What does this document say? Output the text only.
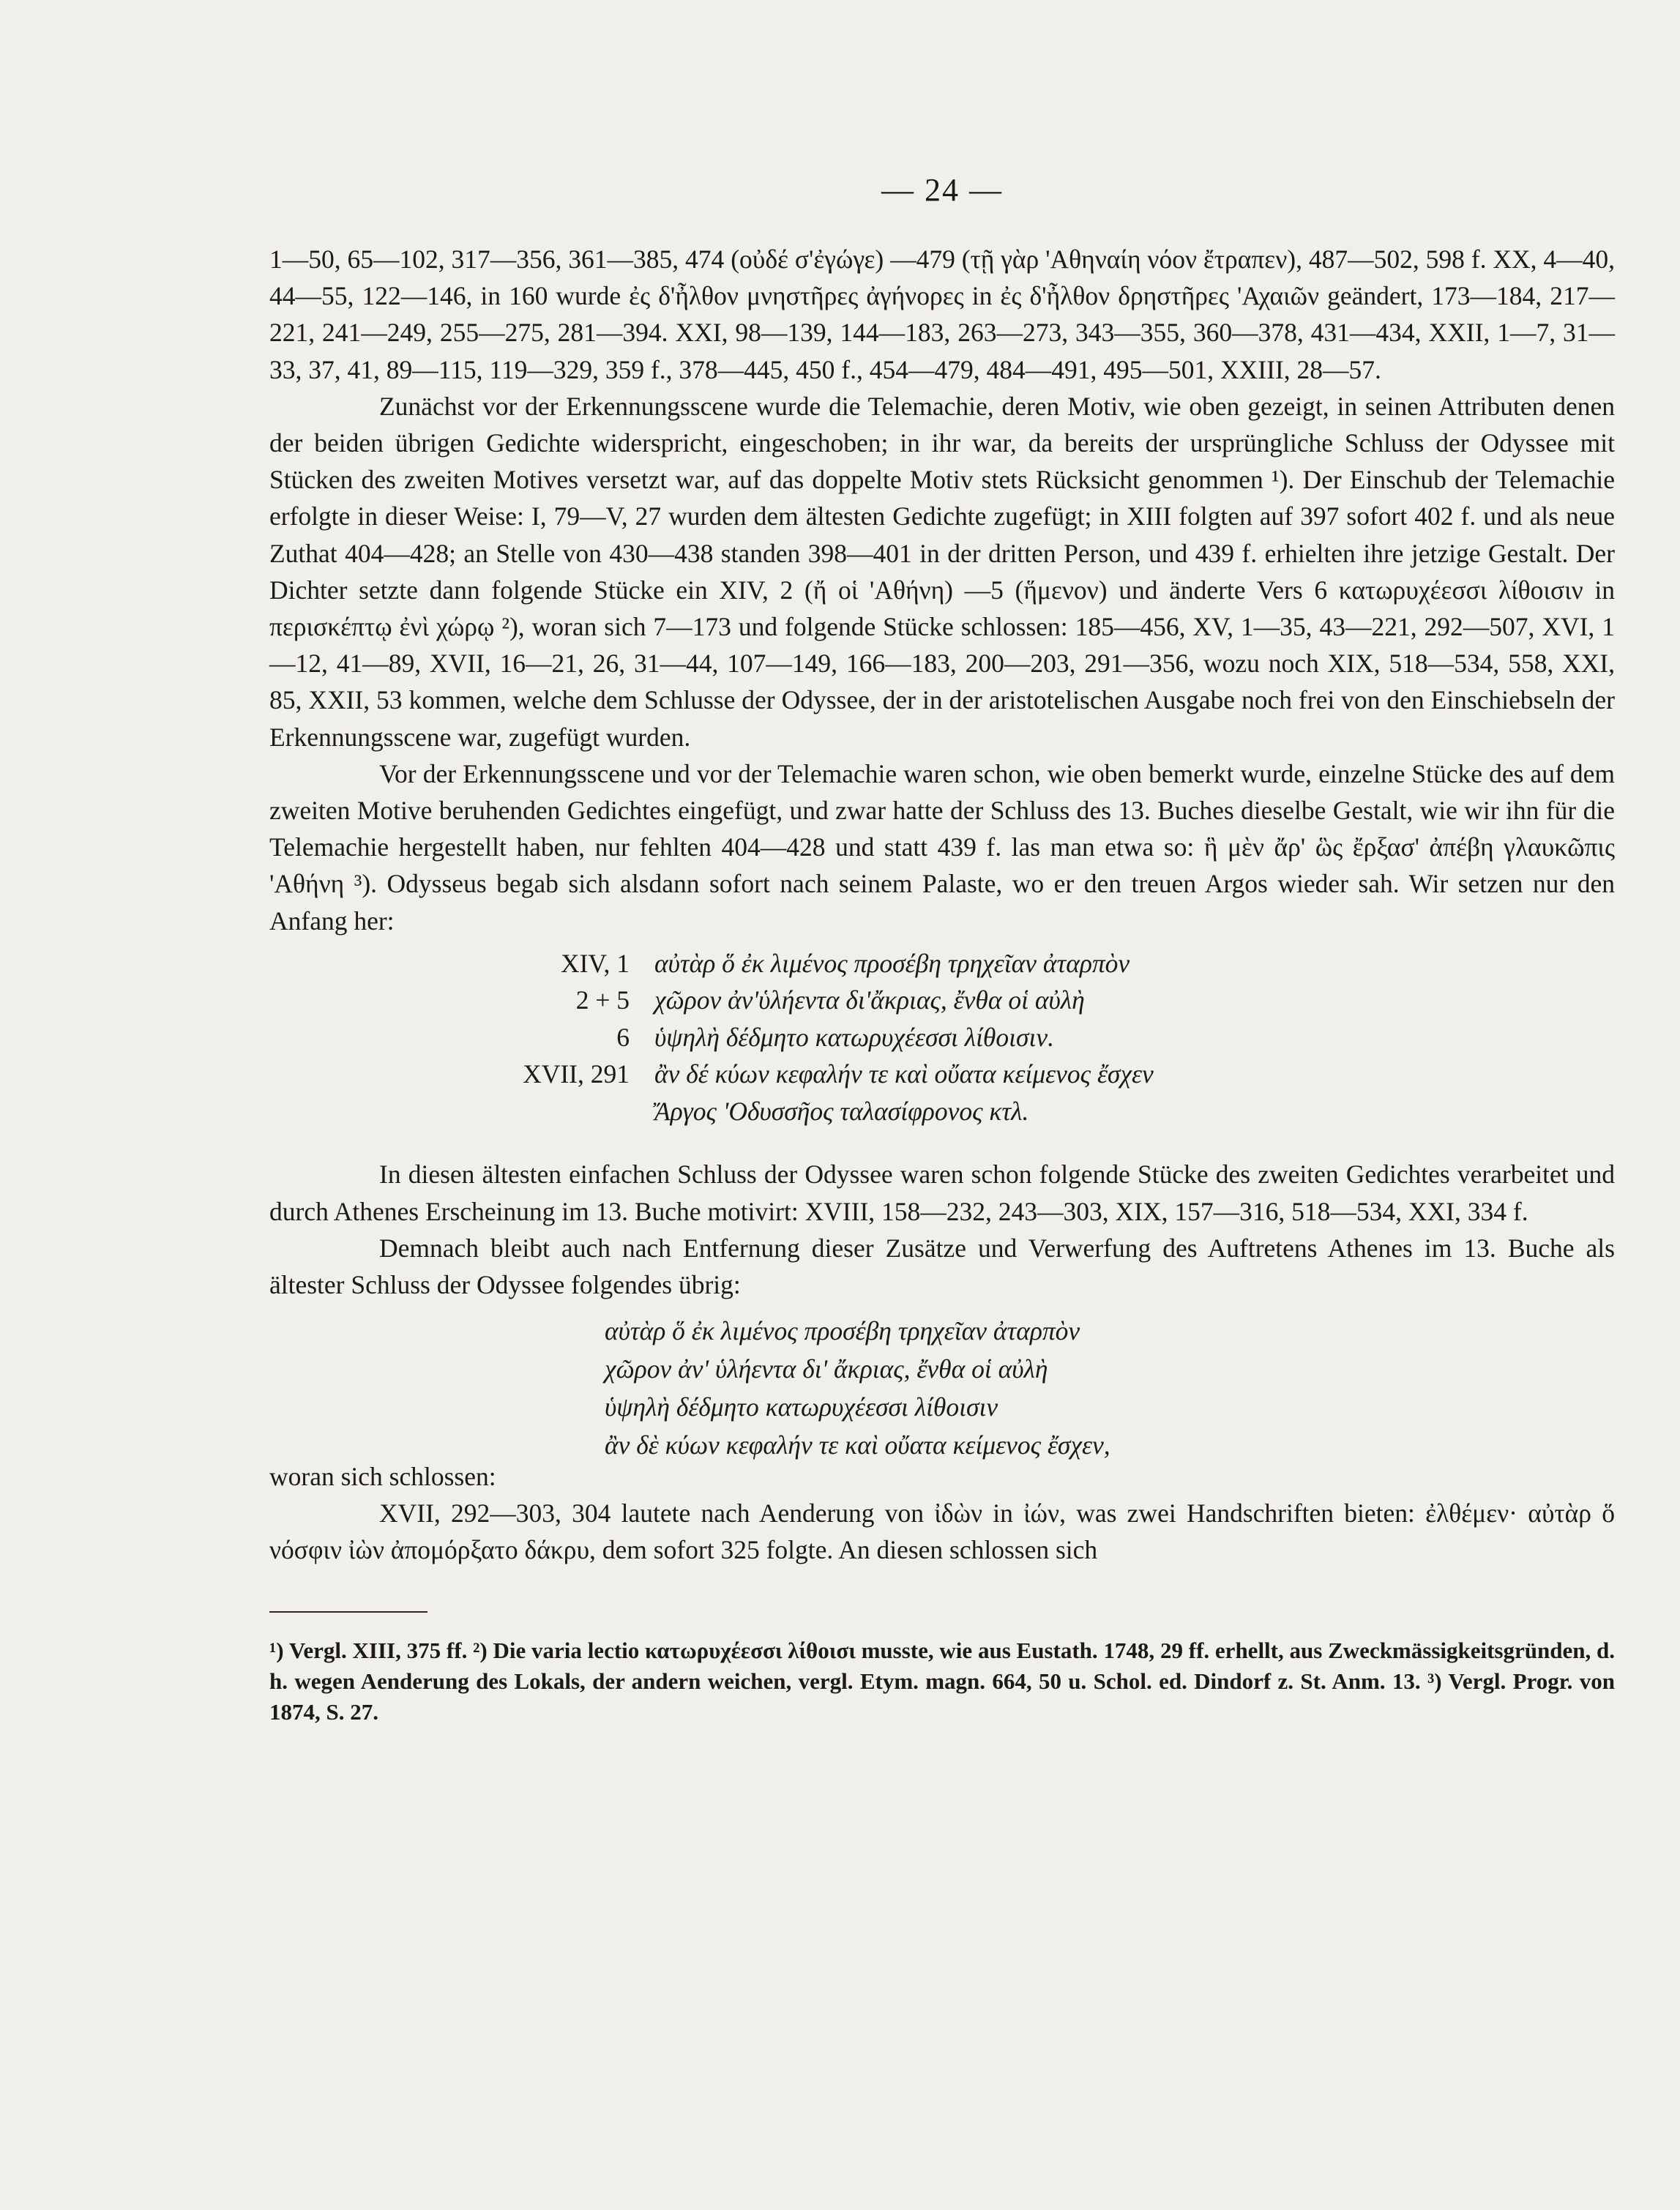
— 24 —

1—50, 65—102, 317—356, 361—385, 474 (οὐδέ σ'ἐγώγε) —479 (τῇ γὰρ 'Αθηναίη νόον ἔτραπεν), 487—502, 598 f. XX, 4—40, 44—55, 122—146, in 160 wurde ἐς δ'ἦλθον μνηστῆρες ἀγήνορες in ἐς δ'ἦλθον δρηστῆρες 'Αχαιῶν geändert, 173—184, 217—221, 241—249, 255—275, 281—394. XXI, 98—139, 144—183, 263—273, 343—355, 360—378, 431—434, XXII, 1—7, 31—33, 37, 41, 89—115, 119—329, 359 f., 378—445, 450 f., 454—479, 484—491, 495—501, XXIII, 28—57.

Zunächst vor der Erkennungsscene wurde die Telemachie, deren Motiv, wie oben gezeigt, in seinen Attributen denen der beiden übrigen Gedichte widerspricht, eingeschoben; in ihr war, da bereits der ursprüngliche Schluss der Odyssee mit Stücken des zweiten Motives versetzt war, auf das doppelte Motiv stets Rücksicht genommen ¹). Der Einschub der Telemachie erfolgte in dieser Weise: I, 79—V, 27 wurden dem ältesten Gedichte zugefügt; in XIII folgten auf 397 sofort 402 f. und als neue Zuthat 404—428; an Stelle von 430—438 standen 398—401 in der dritten Person, und 439 f. erhielten ihre jetzige Gestalt. Der Dichter setzte dann folgende Stücke ein XIV, 2 (ἤ οἱ 'Αθήνη) —5 (ἥμενον) und änderte Vers 6 κατωρυχέεσσι λίθοισιν in περισκέπτῳ ἐνὶ χώρῳ ²), woran sich 7—173 und folgende Stücke schlossen: 185—456, XV, 1—35, 43—221, 292—507, XVI, 1—12, 41—89, XVII, 16—21, 26, 31—44, 107—149, 166—183, 200—203, 291—356, wozu noch XIX, 518—534, 558, XXI, 85, XXII, 53 kommen, welche dem Schlusse der Odyssee, der in der aristotelischen Ausgabe noch frei von den Einschiebseln der Erkennungsscene war, zugefügt wurden.

Vor der Erkennungsscene und vor der Telemachie waren schon, wie oben bemerkt wurde, einzelne Stücke des auf dem zweiten Motive beruhenden Gedichtes eingefügt, und zwar hatte der Schluss des 13. Buches dieselbe Gestalt, wie wir ihn für die Telemachie hergestellt haben, nur fehlten 404—428 und statt 439 f. las man etwa so: ἣ μὲν ἄρ' ὣς ἔρξασ' ἀπέβη γλαυκῶπις 'Αθήνη ³). Odysseus begab sich alsdann sofort nach seinem Palaste, wo er den treuen Argos wieder sah. Wir setzen nur den Anfang her:

XIV, 1 αὐτὰρ ὅ ἐκ λιμένος προσέβη τρηχεῖαν ἀταρπὸν
2 + 5 χῶρον ἀν'ὑλήεντα δι'ἄκριας, ἔνθα οἱ αὐλὴ
6 ὑψηλὴ δέδμητο κατωρυχέεσσι λίθοισιν.
XVII, 291 ἂν δέ κύων κεφαλήν τε καὶ οὔατα κείμενος ἔσχεν
Ἄργος 'Οδυσσῆος ταλασίφρονος κτλ.

In diesen ältesten einfachen Schluss der Odyssee waren schon folgende Stücke des zweiten Gedichtes verarbeitet und durch Athenes Erscheinung im 13. Buche motivirt: XVIII, 158—232, 243—303, XIX, 157—316, 518—534, XXI, 334 f.

Demnach bleibt auch nach Entfernung dieser Zusätze und Verwerfung des Auftretens Athenes im 13. Buche als ältester Schluss der Odyssee folgendes übrig:

αὐτὰρ ὅ ἐκ λιμένος προσέβη τρηχεῖαν ἀταρπὸν
χῶρον ἀν' ὑλήεντα δι' ἄκριας, ἔνθα οἱ αὐλὴ
ὑψηλὴ δέδμητο κατωρυχέεσσι λίθοισιν
ἂν δὲ κύων κεφαλήν τε καὶ οὔατα κείμενος ἔσχεν,
woran sich schlossen:

XVII, 292—303, 304 lautete nach Aenderung von ἰδὼν in ἰών, was zwei Handschriften bieten: ἐλθέμεν· αὐτὰρ ὅ νόσφιν ἰὼν ἀπομόρξατο δάκρυ, dem sofort 325 folgte. An diesen schlossen sich

¹) Vergl. XIII, 375 ff. ²) Die varia lectio κατωρυχέεσσι λίθοισι musste, wie aus Eustath. 1748, 29 ff. erhellt, aus Zweckmässigkeitsgründen, d. h. wegen Aenderung des Lokals, der andern weichen, vergl. Etym. magn. 664, 50 u. Schol. ed. Dindorf z. St. Anm. 13. ³) Vergl. Progr. von 1874, S. 27.
